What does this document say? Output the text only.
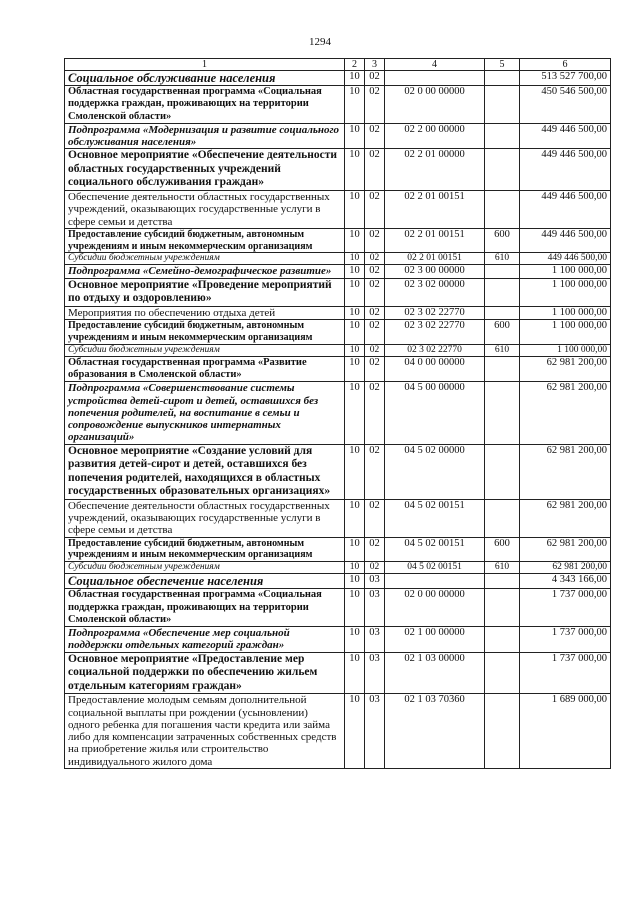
1294
1	2	3	4	5	6
Социальное обслуживание населения	10	02			513 527 700,00
Областная государственная программа «Социальная поддержка граждан, проживающих на территории Смоленской области»	10	02	02 0 00 00000		450 546 500,00
Подпрограмма «Модернизация и развитие социального обслуживания населения»	10	02	02 2 00 00000		449 446 500,00
Основное мероприятие «Обеспечение деятельности областных государственных учреждений социального обслуживания граждан»	10	02	02 2 01 00000		449 446 500,00
Обеспечение деятельности областных государственных учреждений, оказывающих государственные услуги в сфере семьи и детства	10	02	02 2 01 00151		449 446 500,00
Предоставление субсидий бюджетным, автономным учреждениям и иным некоммерческим организациям	10	02	02 2 01 00151	600	449 446 500,00
Субсидии бюджетным учреждениям	10	02	02 2 01 00151	610	449 446 500,00
Подпрограмма «Семейно-демографическое развитие»	10	02	02 3 00 00000		1 100 000,00
Основное мероприятие «Проведение мероприятий по отдыху и оздоровлению»	10	02	02 3 02 00000		1 100 000,00
Мероприятия по обеспечению отдыха детей	10	02	02 3 02 22770		1 100 000,00
Предоставление субсидий бюджетным, автономным учреждениям и иным некоммерческим организациям	10	02	02 3 02 22770	600	1 100 000,00
Субсидии бюджетным учреждениям	10	02	02 3 02 22770	610	1 100 000,00
Областная государственная программа «Развитие образования в Смоленской области»	10	02	04 0 00 00000		62 981 200,00
Подпрограмма «Совершенствование системы устройства детей-сирот и детей, оставшихся без попечения родителей, на воспитание в семьи и сопровождение выпускников интернатных организаций»	10	02	04 5 00 00000		62 981 200,00
Основное мероприятие «Создание условий для развития детей-сирот и детей, оставшихся без попечения родителей, находящихся в областных государственных образовательных организациях»	10	02	04 5 02 00000		62 981 200,00
Обеспечение деятельности областных государственных учреждений, оказывающих государственные услуги в сфере семьи и детства	10	02	04 5 02 00151		62 981 200,00
Предоставление субсидий бюджетным, автономным учреждениям и иным некоммерческим организациям	10	02	04 5 02 00151	600	62 981 200,00
Субсидии бюджетным учреждениям	10	02	04 5 02 00151	610	62 981 200,00
Социальное обеспечение населения	10	03			4 343 166,00
Областная государственная программа «Социальная поддержка граждан, проживающих на территории Смоленской области»	10	03	02 0 00 00000		1 737 000,00
Подпрограмма «Обеспечение мер социальной поддержки отдельных категорий граждан»	10	03	02 1 00 00000		1 737 000,00
Основное мероприятие «Предоставление мер социальной поддержки по обеспечению жильем отдельным категориям граждан»	10	03	02 1 03 00000		1 737 000,00
Предоставление молодым семьям дополнительной социальной выплаты при рождении (усыновлении) одного ребенка для погашения части кредита или займа либо для компенсации затраченных собственных средств на приобретение жилья или строительство индивидуального жилого дома	10	03	02 1 03 70360		1 689 000,00
